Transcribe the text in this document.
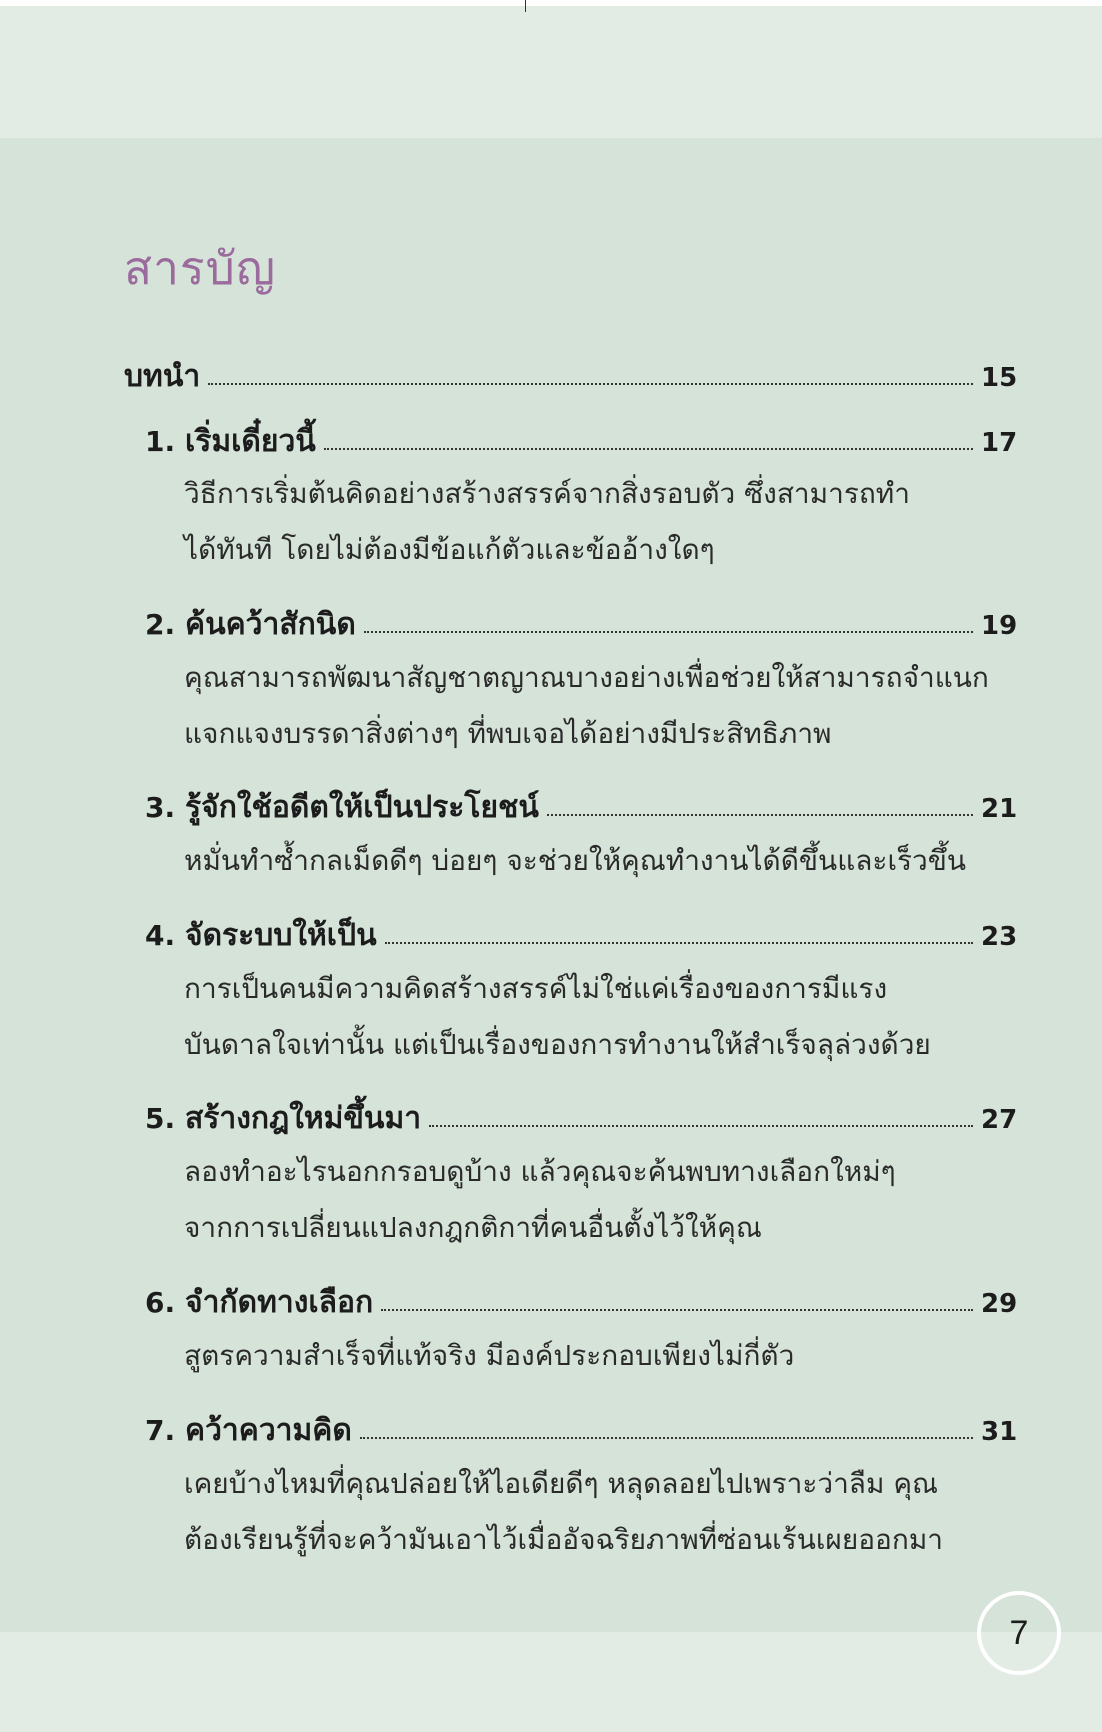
สารบัญ
บทนำ	15
1. เริ่มเดี๋ยวนี้	17

วิธีการเริ่มต้นคิดอย่างสร้างสรรค์จากสิ่งรอบตัว ซึ่งสามารถทำ

ได้ทันที โดยไม่ต้องมีข้อแก้ตัวและข้ออ้างใดๆ

2. ค้นคว้าสักนิด	19

คุณสามารถพัฒนาสัญชาตญาณบางอย่างเพื่อช่วยให้สามารถจำแนก

แจกแจงบรรดาสิ่งต่างๆ ที่พบเจอได้อย่างมีประสิทธิภาพ

3. รู้จักใช้อดีตให้เป็นประโยชน์	21

หมั่นทำซ้ำกลเม็ดดีๆ บ่อยๆ จะช่วยให้คุณทำงานได้ดีขึ้นและเร็วขึ้น

4. จัดระบบให้เป็น	23

การเป็นคนมีความคิดสร้างสรรค์ไม่ใช่แค่เรื่องของการมีแรง

บันดาลใจเท่านั้น แต่เป็นเรื่องของการทำงานให้สำเร็จลุล่วงด้วย

5. สร้างกฎใหม่ขึ้นมา	27

ลองทำอะไรนอกกรอบดูบ้าง แล้วคุณจะค้นพบทางเลือกใหม่ๆ

จากการเปลี่ยนแปลงกฎกติกาที่คนอื่นตั้งไว้ให้คุณ

6. จำกัดทางเลือก	29

สูตรความสำเร็จที่แท้จริง มีองค์ประกอบเพียงไม่กี่ตัว

7. คว้าความคิด	31

เคยบ้างไหมที่คุณปล่อยให้ไอเดียดีๆ หลุดลอยไปเพราะว่าลืม คุณ

ต้องเรียนรู้ที่จะคว้ามันเอาไว้เมื่ออัจฉริยภาพที่ซ่อนเร้นเผยออกมา

7
